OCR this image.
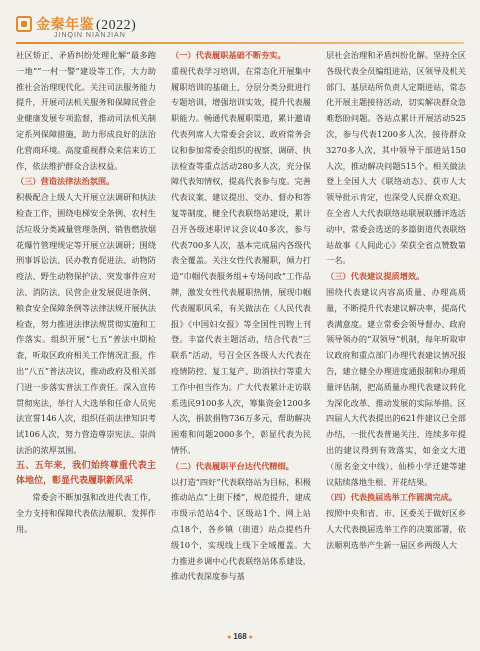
金秦年鉴 (2022)
JINQIN NIANJIAN

社区矫正、矛盾纠纷处理化解“最多跑一地”“一村一警”建设等工作，大力助推社会治理现代化。关注司法服务能力提升，开展司法机关服务和保障民营企业健康发展专项监督，推动司法机关制定系列保障措施，助力形成良好的法治化营商环境。高度重视群众来信来访工作，依法维护群众合法权益。

（三）营造法律法治氛围。

积极配合上级人大开展立法调研和执法检查工作，围绕电梯安全条例、农村生活垃圾分类减量管理条例、销售燃放烟花爆竹管理规定等开展立法调研；围绕刑事诉讼法、民办教育促进法、动物防疫法、野生动物保护法、突发事件应对法、消防法、民营企业发展促进条例、粮食安全保障条例等法律法规开展执法检查，努力推进法律法规贯彻实施和工作落实。组织开展“七五”普法中期检查，听取区政府相关工作情况汇报，作出“八五”普法决议，推动政府及相关部门进一步落实普法工作责任。深入宣传贯彻宪法，举行人大选举和任命人员宪法宣誓146人次，组织任前法律知识考试106人次，努力营造尊崇宪法、崇尚法治的浓厚氛围。

五、五年来，我们始终尊重代表主体地位，彰显代表履职新风采

常委会不断加强和改进代表工作，全力支持和保障代表依法履职、发挥作用。

（一）代表履职基础不断夯实。

重视代表学习培训，在常态化开展集中履职培训的基础上，分层分类分批进行专题培训，增强培训实效，提升代表履职能力。畅通代表履职渠道，累计邀请代表列席人大常委会会议、政府常务会议和参加常委会组织的视察、调研、执法检查等重点活动280多人次，充分保障代表知情权，提高代表参与度。完善代表议案、建议提出、交办、督办和答复等制度，健全代表联络站建设，累计召开各级述职评议会议40多次，参与代表700多人次，基本完成届内各级代表全覆盖。关注女性代表履职，倾力打造“巾帼代表服务组+专场问政”工作品牌，激发女性代表履职热情，展现巾帼代表履职风采，有关做法在《人民代表报》《中国妇女报》等全国性刊物上刊登。丰富代表主题活动，结合代表“三联系”活动，号召全区各级人大代表在疫情防控、复工复产、助消扶行等重大工作中担当作为。广大代表累计走访联系选民9100多人次，筹集资金1200多人次，捐款捐物736万多元，帮助解决困难和问题2000多个，彰显代表为民情怀。

（二）代表履职平台达代代精细。

以打造“四好”代表联络站为目标，积极推动站点“上街下楼”，规范提升，建成市级示范站4个、区级站1个、网上站点18个，各乡镇（街道）站点提档升级10个，实现线上线下全域覆盖。大力推进乡调中心代表联络站体系建设，推动代表深度参与基

层社会治理和矛盾纠纷化解。坚持全区各级代表全员编组进站，区领导及机关部门、基层站所负责人定期进站，常态化开展主题接待活动，切实解决群众急难愁盼问题。各站点累计开展活动525次，参与代表1200多人次，接待群众3270多人次，其中领导干部进站150人次，推动解决问题515个。相关做法登上全国人大《联络动态》、获市人大领导批示肯定，也深受人民群众欢迎。在全省人大代表联络站联展联播评选活动中，常委会选送的多篇街道代表联络站故事《人间此心》荣获全省点赞数第一名。

（三）代表建议提质增效。

围绕代表建议内容高质量、办理高质量，不断提升代表建议解决率，提高代表满意度。建立常委会领导督办、政府领导领办的“双领导”机制，每年听取审议政府和重点部门办理代表建议情况报告，建立健全办理进度通报制和办理质量评估制，把高质量办理代表建议转化为深化改革、推动发展的实际举措。区四届人大代表提出的621件建议已全部办结，一批代表普遍关注、连续多年提出的建议得到有效落实，如金文大道（原名金文中线）、仙桥小学迁建等建议陆续落地生根、开花结果。

（四）代表换届选举工作圆满完成。

按照中央和省、市、区委关于做好区乡人大代表换届选举工作的决策部署，依法顺利选举产生新一届区乡两级人大

● 168 ●
